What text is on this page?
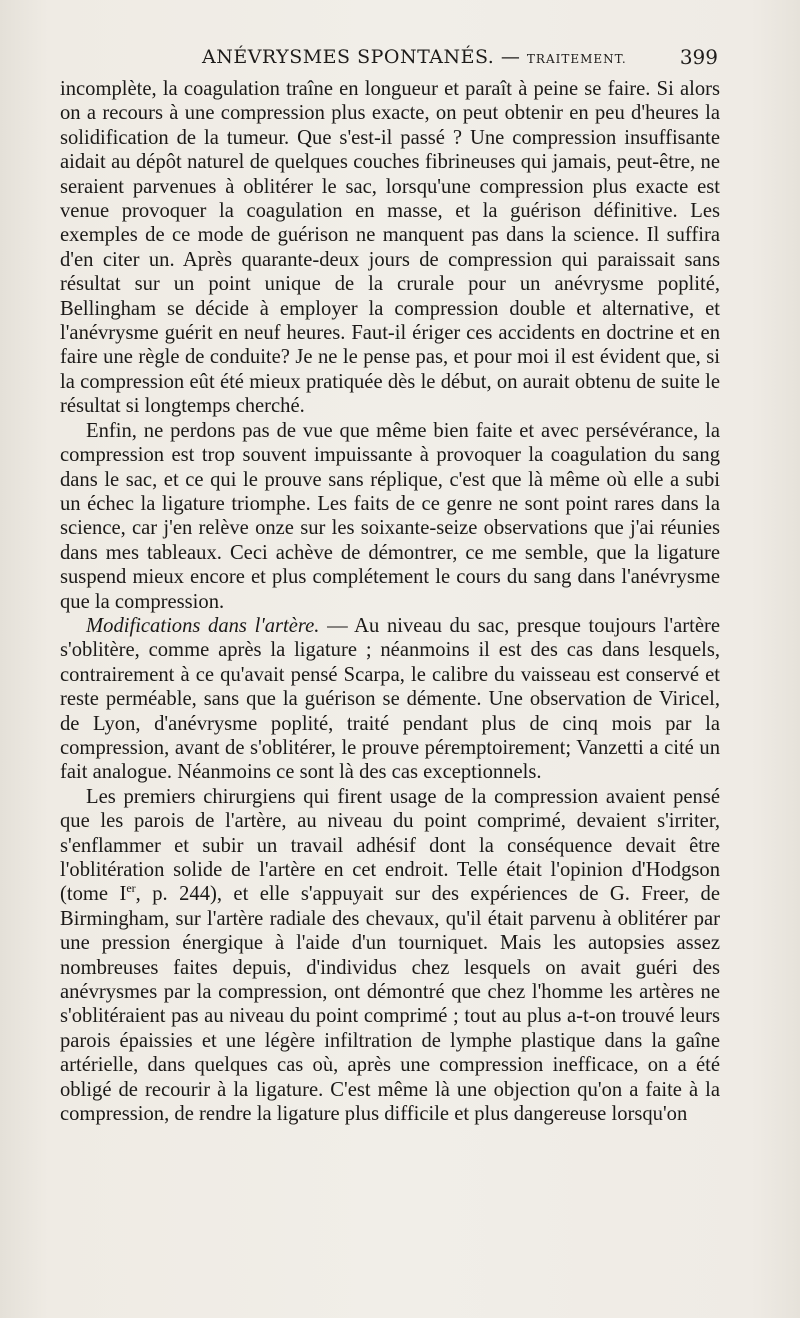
ANÉVRYSMES SPONTANÉS. — TRAITEMENT.	399

incomplète, la coagulation traîne en longueur et paraît à peine se faire. Si alors on a recours à une compression plus exacte, on peut obtenir en peu d'heures la solidification de la tumeur. Que s'est-il passé ? Une compression insuffisante aidait au dépôt naturel de quelques couches fibrineuses qui jamais, peut-être, ne seraient parvenues à oblitérer le sac, lorsqu'une compression plus exacte est venue provoquer la coagulation en masse, et la guérison définitive. Les exemples de ce mode de guérison ne manquent pas dans la science. Il suffira d'en citer un. Après quarante-deux jours de compression qui paraissait sans résultat sur un point unique de la crurale pour un anévrysme poplité, Bellingham se décide à employer la compression double et alternative, et l'anévrysme guérit en neuf heures. Faut-il ériger ces accidents en doctrine et en faire une règle de conduite? Je ne le pense pas, et pour moi il est évident que, si la compression eût été mieux pratiquée dès le début, on aurait obtenu de suite le résultat si longtemps cherché.

Enfin, ne perdons pas de vue que même bien faite et avec persévérance, la compression est trop souvent impuissante à provoquer la coagulation du sang dans le sac, et ce qui le prouve sans réplique, c'est que là même où elle a subi un échec la ligature triomphe. Les faits de ce genre ne sont point rares dans la science, car j'en relève onze sur les soixante-seize observations que j'ai réunies dans mes tableaux. Ceci achève de démontrer, ce me semble, que la ligature suspend mieux encore et plus complétement le cours du sang dans l'anévrysme que la compression.

Modifications dans l'artère. — Au niveau du sac, presque toujours l'artère s'oblitère, comme après la ligature ; néanmoins il est des cas dans lesquels, contrairement à ce qu'avait pensé Scarpa, le calibre du vaisseau est conservé et reste perméable, sans que la guérison se démente. Une observation de Viricel, de Lyon, d'anévrysme poplité, traité pendant plus de cinq mois par la compression, avant de s'oblitérer, le prouve péremptoirement; Vanzetti a cité un fait analogue. Néanmoins ce sont là des cas exceptionnels.

Les premiers chirurgiens qui firent usage de la compression avaient pensé que les parois de l'artère, au niveau du point comprimé, devaient s'irriter, s'enflammer et subir un travail adhésif dont la conséquence devait être l'oblitération solide de l'artère en cet endroit. Telle était l'opinion d'Hodgson (tome Ier, p. 244), et elle s'appuyait sur des expériences de G. Freer, de Birmingham, sur l'artère radiale des chevaux, qu'il était parvenu à oblitérer par une pression énergique à l'aide d'un tourniquet. Mais les autopsies assez nombreuses faites depuis, d'individus chez lesquels on avait guéri des anévrysmes par la compression, ont démontré que chez l'homme les artères ne s'oblitéraient pas au niveau du point comprimé ; tout au plus a-t-on trouvé leurs parois épaissies et une légère infiltration de lymphe plastique dans la gaîne artérielle, dans quelques cas où, après une compression inefficace, on a été obligé de recourir à la ligature. C'est même là une objection qu'on a faite à la compression, de rendre la ligature plus difficile et plus dangereuse lorsqu'on
